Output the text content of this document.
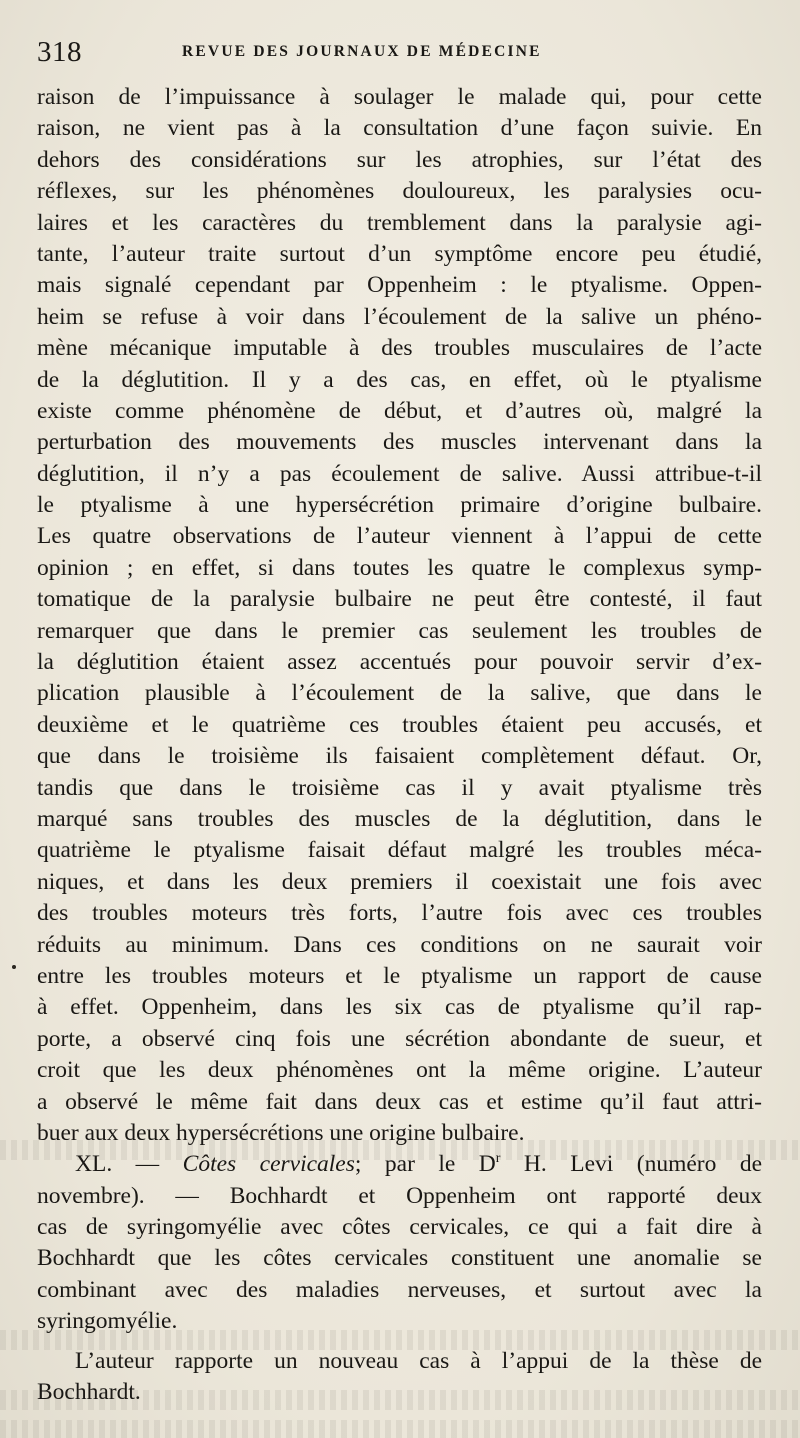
318	REVUE DES JOURNAUX DE MÉDECINE
raison de l’impuissance à soulager le malade qui, pour cette
raison, ne vient pas à la consultation d’une façon suivie. En
dehors des considérations sur les atrophies, sur l’état des
réflexes, sur les phénomènes douloureux, les paralysies ocu-
laires et les caractères du tremblement dans la paralysie agi-
tante, l’auteur traite surtout d’un symptôme encore peu étudié,
mais signalé cependant par Oppenheim : le ptyalisme. Oppen-
heim se refuse à voir dans l’écoulement de la salive un phéno-
mène mécanique imputable à des troubles musculaires de l’acte
de la déglutition. Il y a des cas, en effet, où le ptyalisme
existe comme phénomène de début, et d’autres où, malgré la
perturbation des mouvements des muscles intervenant dans la
déglutition, il n’y a pas écoulement de salive. Aussi attribue-t-il
le ptyalisme à une hypersécrétion primaire d’origine bulbaire.
Les quatre observations de l’auteur viennent à l’appui de cette
opinion ; en effet, si dans toutes les quatre le complexus symp-
tomatique de la paralysie bulbaire ne peut être contesté, il faut
remarquer que dans le premier cas seulement les troubles de
la déglutition étaient assez accentués pour pouvoir servir d’ex-
plication plausible à l’écoulement de la salive, que dans le
deuxième et le quatrième ces troubles étaient peu accusés, et
que dans le troisième ils faisaient complètement défaut. Or,
tandis que dans le troisième cas il y avait ptyalisme très
marqué sans troubles des muscles de la déglutition, dans le
quatrième le ptyalisme faisait défaut malgré les troubles méca-
niques, et dans les deux premiers il coexistait une fois avec
des troubles moteurs très forts, l’autre fois avec ces troubles
réduits au minimum. Dans ces conditions on ne saurait voir
entre les troubles moteurs et le ptyalisme un rapport de cause
à effet. Oppenheim, dans les six cas de ptyalisme qu’il rap-
porte, a observé cinq fois une sécrétion abondante de sueur, et
croit que les deux phénomènes ont la même origine. L’auteur
a observé le même fait dans deux cas et estime qu’il faut attri-
buer aux deux hypersécrétions une origine bulbaire.
XL. — Côtes cervicales; par le $D^r$ H. Levi (numéro de
novembre). — Bochhardt et Oppenheim ont rapporté deux
cas de syringomyélie avec côtes cervicales, ce qui a fait dire à
Bochhardt que les côtes cervicales constituent une anomalie se
combinant avec des maladies nerveuses, et surtout avec la
syringomyélie.
L’auteur rapporte un nouveau cas à l’appui de la thèse de
Bochhardt.
